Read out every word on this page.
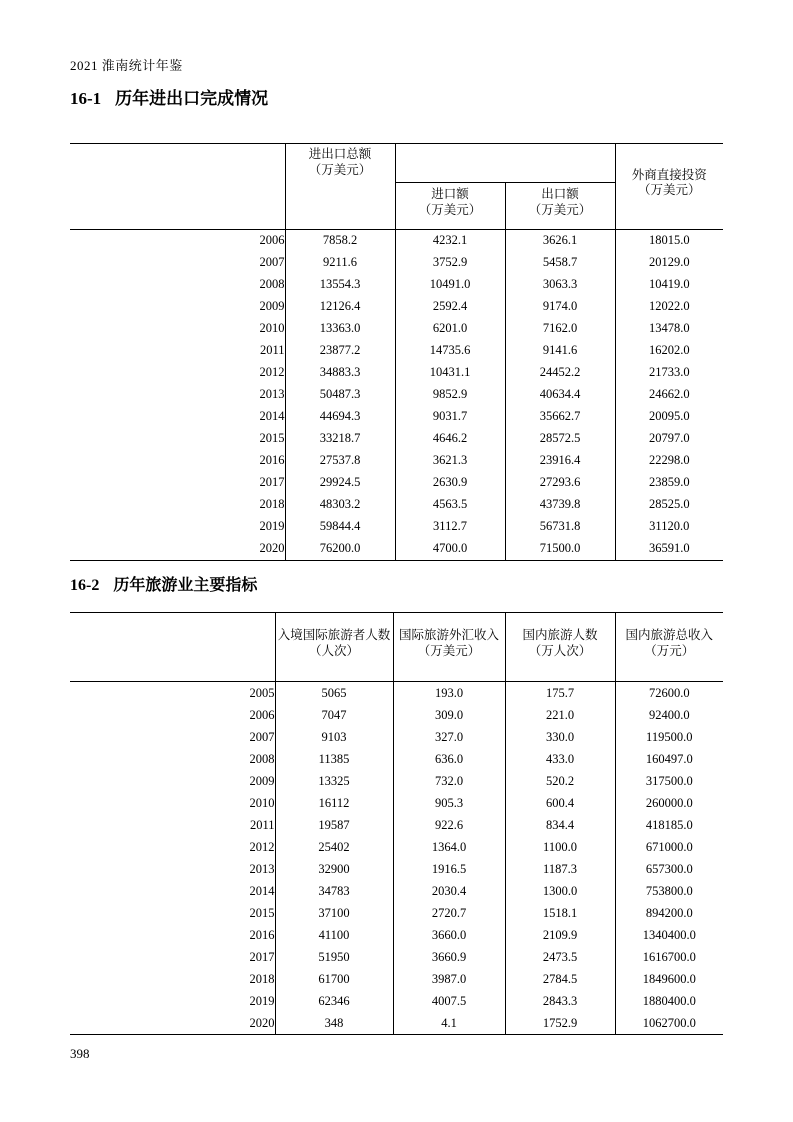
2021 淮南统计年鉴
16-1 历年进出口完成情况
	进出口总额
（万美元）			外商直接投资
（万美元）

		进口额
（万美元）	出口额
（万美元）	

2006	7858.2	4232.1	3626.1	18015.0
2007	9211.6	3752.9	5458.7	20129.0
2008	13554.3	10491.0	3063.3	10419.0
2009	12126.4	2592.4	9174.0	12022.0
2010	13363.0	6201.0	7162.0	13478.0
2011	23877.2	14735.6	9141.6	16202.0
2012	34883.3	10431.1	24452.2	21733.0
2013	50487.3	9852.9	40634.4	24662.0
2014	44694.3	9031.7	35662.7	20095.0
2015	33218.7	4646.2	28572.5	20797.0
2016	27537.8	3621.3	23916.4	22298.0
2017	29924.5	2630.9	27293.6	23859.0
2018	48303.2	4563.5	43739.8	28525.0
2019	59844.4	3112.7	56731.8	31120.0
2020	76200.0	4700.0	71500.0	36591.0
16-2 历年旅游业主要指标
	入境国际旅游者人数
（人次）	国际旅游外汇收入
（万美元）	国内旅游人数
（万人次）	国内旅游总收入
（万元）

2005	5065	193.0	175.7	72600.0
2006	7047	309.0	221.0	92400.0
2007	9103	327.0	330.0	119500.0
2008	11385	636.0	433.0	160497.0
2009	13325	732.0	520.2	317500.0
2010	16112	905.3	600.4	260000.0
2011	19587	922.6	834.4	418185.0
2012	25402	1364.0	1100.0	671000.0
2013	32900	1916.5	1187.3	657300.0
2014	34783	2030.4	1300.0	753800.0
2015	37100	2720.7	1518.1	894200.0
2016	41100	3660.0	2109.9	1340400.0
2017	51950	3660.9	2473.5	1616700.0
2018	61700	3987.0	2784.5	1849600.0
2019	62346	4007.5	2843.3	1880400.0
2020	348	4.1	1752.9	1062700.0
398
